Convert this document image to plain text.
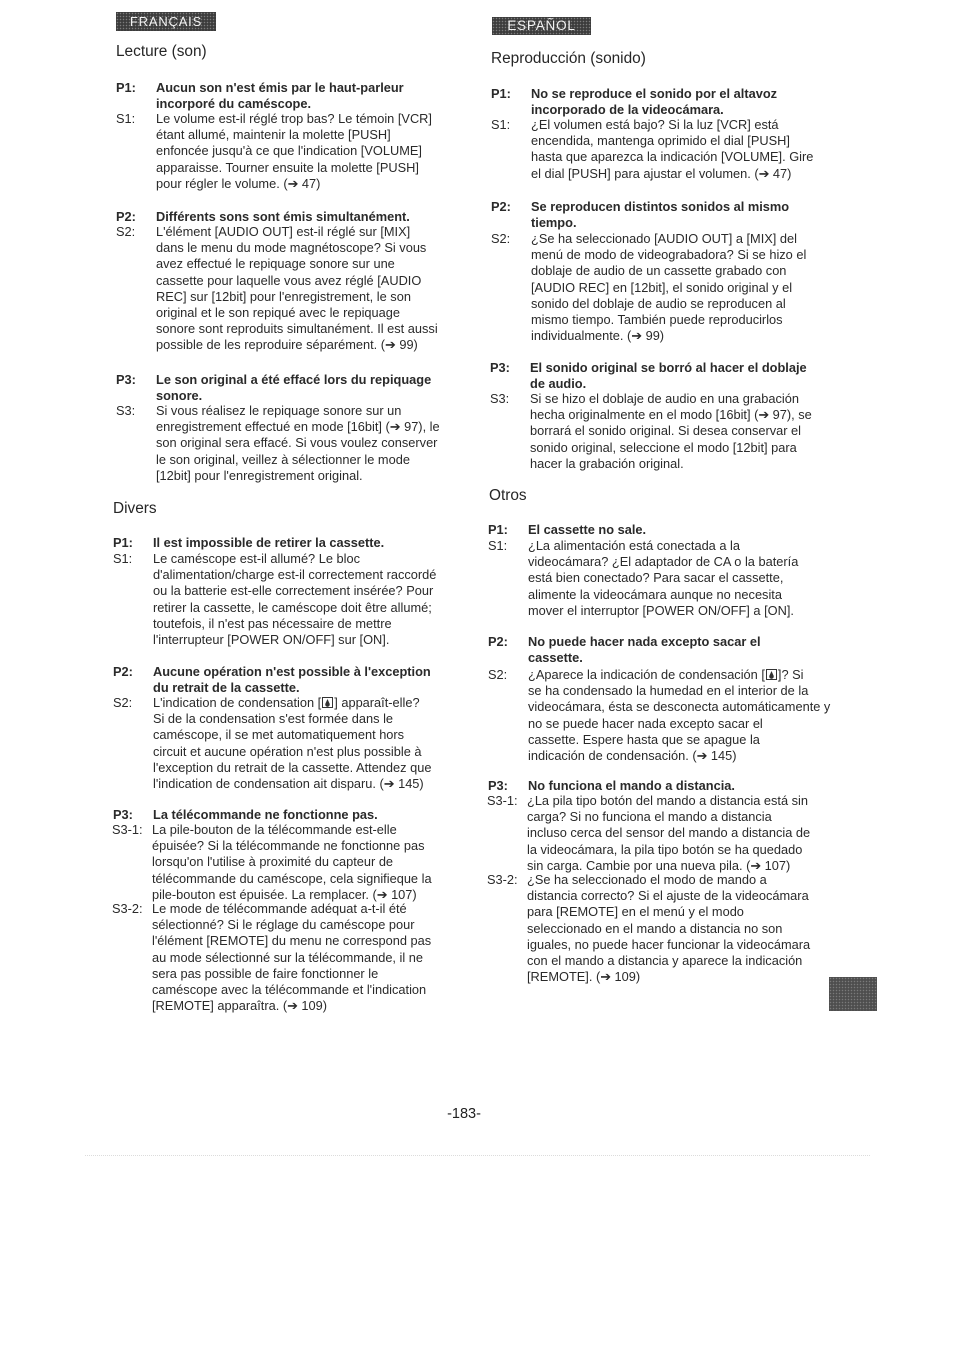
FRANÇAIS
Lecture (son)
P1:	Aucun son n'est émis par le haut-parleur
incorporé du caméscope.
S1:	Le volume est-il réglé trop bas? Le témoin [VCR]
étant allumé, maintenir la molette [PUSH]
enfoncée jusqu'à ce que l'indication [VOLUME]
apparaisse. Tourner ensuite la molette [PUSH]
pour régler le volume. (➔ 47)
P2:	Différents sons sont émis simultanément.
S2:	L'élément [AUDIO OUT] est-il réglé sur [MIX]
dans le menu du mode magnétoscope? Si vous
avez effectué le repiquage sonore sur une
cassette pour laquelle vous avez réglé [AUDIO
REC] sur [12bit] pour l'enregistrement, le son
original et le son repiqué avec le repiquage
sonore sont reproduits simultanément. Il est aussi
possible de les reproduire séparément. (➔ 99)
P3:	Le son original a été effacé lors du repiquage
sonore.
S3:	Si vous réalisez le repiquage sonore sur un
enregistrement effectué en mode [16bit] (➔ 97), le
son original sera effacé. Si vous voulez conserver
le son original, veillez à sélectionner le mode
[12bit] pour l'enregistrement original.
Divers
P1:	Il est impossible de retirer la cassette.
S1:	Le caméscope est-il allumé? Le bloc
d'alimentation/charge est-il correctement raccordé
ou la batterie est-elle correctement insérée? Pour
retirer la cassette, le caméscope doit être allumé;
toutefois, il n'est pas nécessaire de mettre
l'interrupteur [POWER ON/OFF] sur [ON].
P2:	Aucune opération n'est possible à l'exception
du retrait de la cassette.
S2:	L'indication de condensation [ ] apparaît-elle?
Si de la condensation s'est formée dans le
caméscope, il se met automatiquement hors
circuit et aucune opération n'est plus possible à
l'exception du retrait de la cassette. Attendez que
l'indication de condensation ait disparu. (➔ 145)
P3:	La télécommande ne fonctionne pas.
S3-1: La pile-bouton de la télécommande est-elle
épuisée? Si la télécommande ne fonctionne pas
lorsqu'on l'utilise à proximité du capteur de
télécommande du caméscope, cela signifieque la
pile-bouton est épuisée. La remplacer. (➔ 107)
S3-2: Le mode de télécommande adéquat a-t-il été
sélectionné? Si le réglage du caméscope pour
l'élément [REMOTE] du menu ne correspond pas
au mode sélectionné sur la télécommande, il ne
sera pas possible de faire fonctionner le
caméscope avec la télécommande et l'indication
[REMOTE] apparaîtra. (➔ 109)
ESPAÑOL
Reproducción (sonido)
P1:	No se reproduce el sonido por el altavoz
incorporado de la videocámara.
S1:	¿El volumen está bajo? Si la luz [VCR] está
encendida, mantenga oprimido el dial [PUSH]
hasta que aparezca la indicación [VOLUME]. Gire
el dial [PUSH] para ajustar el volumen. (➔ 47)
P2:	Se reproducen distintos sonidos al mismo
tiempo.
S2:	¿Se ha seleccionado [AUDIO OUT] a [MIX] del
menú de modo de videograbadora? Si se hizo el
doblaje de audio de un cassette grabado con
[AUDIO REC] en [12bit], el sonido original y el
sonido del doblaje de audio se reproducen al
mismo tiempo. También puede reproducirlos
individualmente. (➔ 99)
P3:	El sonido original se borró al hacer el doblaje
de audio.
S3:	Si se hizo el doblaje de audio en una grabación
hecha originalmente en el modo [16bit] (➔ 97), se
borrará el sonido original. Si desea conservar el
sonido original, seleccione el modo [12bit] para
hacer la grabación original.
Otros
P1:	El cassette no sale.
S1:	¿La alimentación está conectada a la
videocámara? ¿El adaptador de CA o la batería
está bien conectado? Para sacar el cassette,
alimente la videocámara aunque no necesita
mover el interruptor [POWER ON/OFF] a [ON].
P2:	No puede hacer nada excepto sacar el
cassette.
S2:	¿Aparece la indicación de condensación [ ]? Si
se ha condensado la humedad en el interior de la
videocámara, ésta se desconecta automáticamente y
no se puede hacer nada excepto sacar el
cassette. Espere hasta que se apague la
indicación de condensación. (➔ 145)
P3:	No funciona el mando a distancia.
S3-1: ¿La pila tipo botón del mando a distancia está sin
carga? Si no funciona el mando a distancia
incluso cerca del sensor del mando a distancia de
la videocámara, la pila tipo botón se ha quedado
sin carga. Cambie por una nueva pila. (➔ 107)
S3-2: ¿Se ha seleccionado el modo de mando a
distancia correcto? Si el ajuste de la videocámara
para [REMOTE] en el menú y el modo
seleccionado en el mando a distancia no son
iguales, no puede hacer funcionar la videocámara
con el mando a distancia y aparece la indicación
[REMOTE]. (➔ 109)
-183-
